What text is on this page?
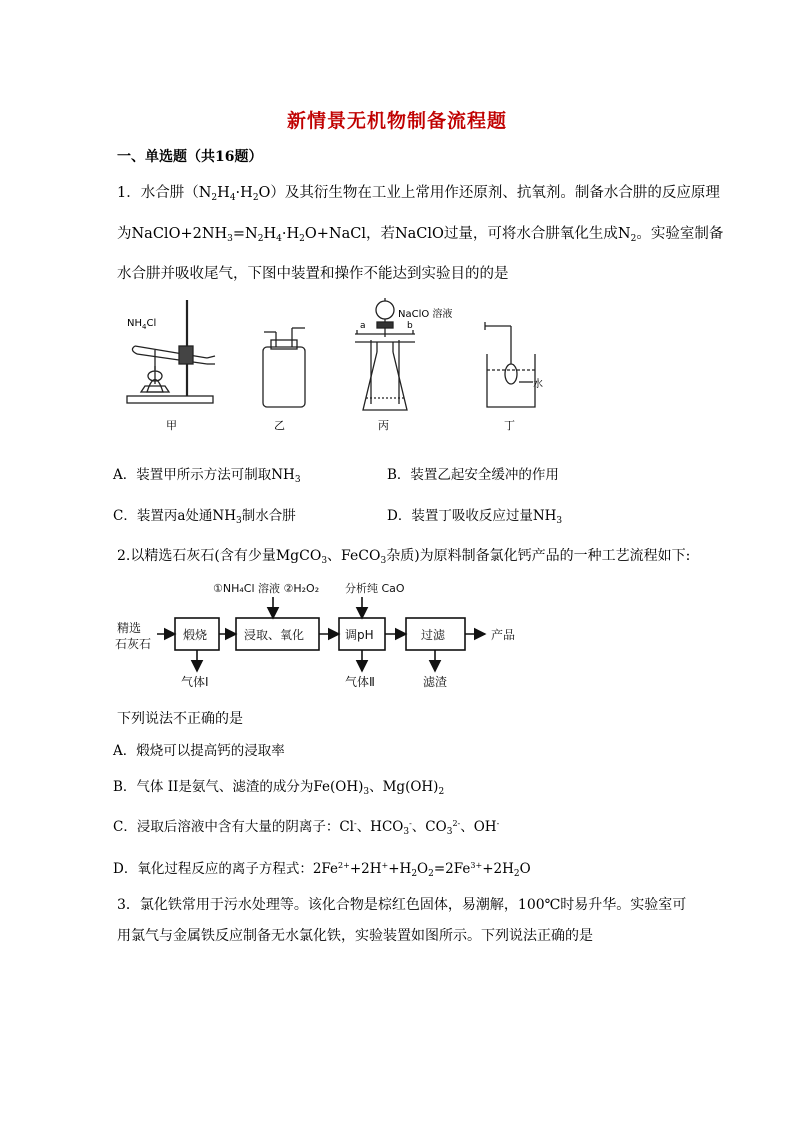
新情景无机物制备流程题
一、单选题（共16题）
1．水合肼$(N_2H_4\cdot H_2O)$及其衍生物在工业上常用作还原剂、抗氧剂。制备水合肼的反应原理
为$NaClO+2NH_3=N_2H_4\cdot H_2O+NaCl$，若NaClO过量，可将水合肼氧化生成$N_2$。实验室制备
水合肼并吸收尾气，下图中装置和操作不能达到实验目的的是
$NH_4Cl$
NaClO 溶液
a	b
水
甲	乙	丙	丁
A．装置甲所示方法可制取$NH_3$	B．装置乙起安全缓冲的作用
C．装置丙a处通$NH_3$制水合肼	D．装置丁吸收反应过量$NH_3$
2.以精选石灰石(含有少量MgCO$_3$、FeCO$_3$杂质)为原料制备氯化钙产品的一种工艺流程如下:
精选
石灰石
煅烧	浸取、氧化	调pH	过滤	产品
气体Ⅰ	气体Ⅱ	滤渣
①NH₄Cl 溶液 ②H₂O₂ 分析纯 CaO
下列说法不正确的是
A．煅烧可以提高钙的浸取率
B．气体 II是氨气、滤渣的成分为$Fe(OH)_3$、$Mg(OH)_2$
C．浸取后溶液中含有大量的阴离子：Cl-、$HCO_3^-$、$CO_3^{2-}$、OH-
D．氧化过程反应的离子方程式：$2Fe^{2+}+2H^++H_2O_2=2Fe^{3+}+2H_2O$
3．氯化铁常用于污水处理等。该化合物是棕红色固体，易潮解，100℃时易升华。实验室可
用氯气与金属铁反应制备无水氯化铁，实验装置如图所示。下列说法正确的是
